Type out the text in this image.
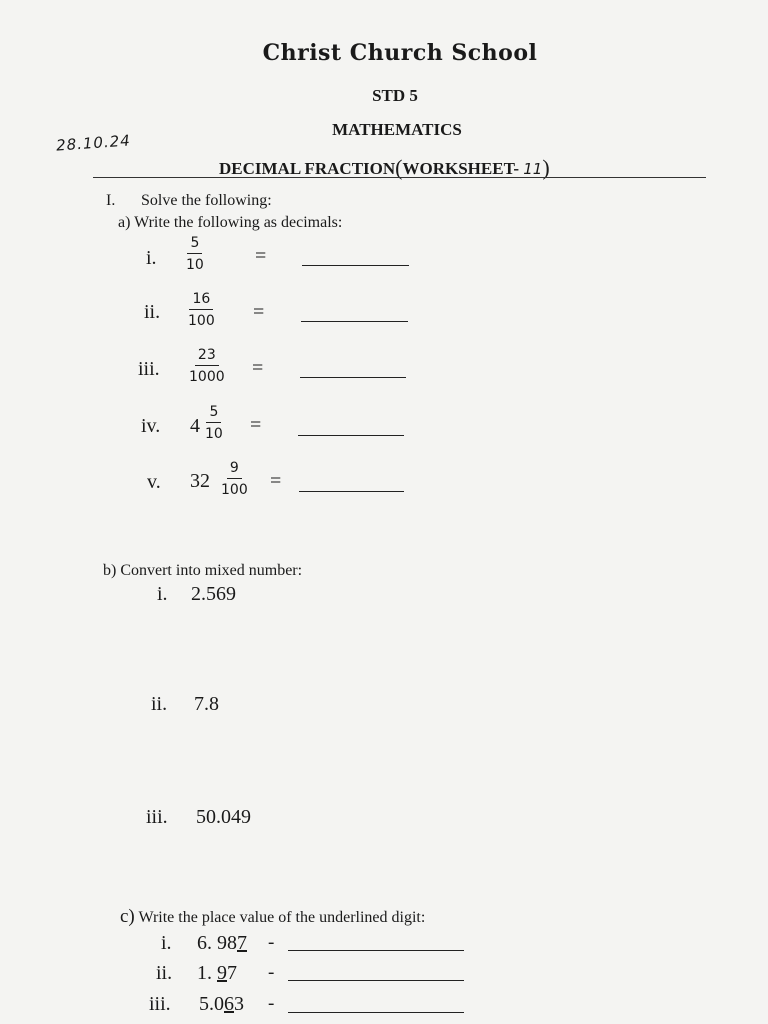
Christ Church School
STD 5
MATHEMATICS
28.10.24
DECIMAL FRACTION(WORKSHEET- 11)
I. Solve the following:
a) Write the following as decimals:
i. $\frac{5}{10}$	=
ii. $\frac{16}{100}$ =
iii. $\frac{23}{1000}$ =
iv. $4 \frac{5}{10}$ =
v. $32 \frac{9}{100}$ =
b) Convert into mixed number:
i. 2.569
ii. 7.8
iii. 50.049
c) Write the place value of the underlined digit:
i. 6. 987 -
ii. 1. 97 -
iii. 5.063 -
